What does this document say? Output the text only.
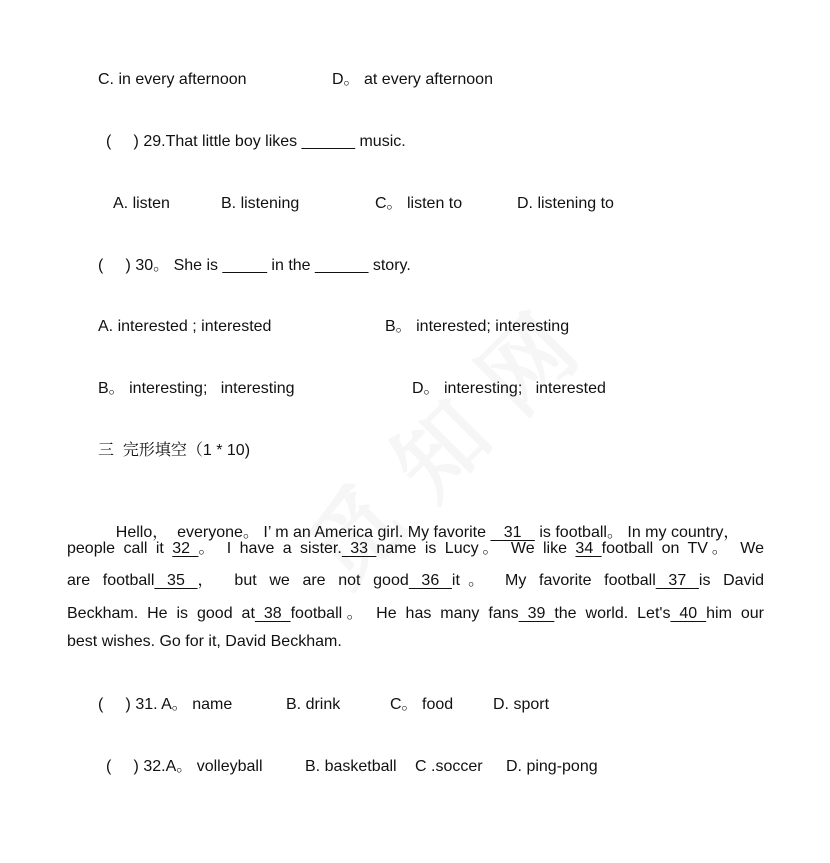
C. in every afternoon	D。 at every afternoon
(     ) 29.That little boy likes ______ music.
A. listen	B. listening	C。 listen to	D. listening to
(     ) 30。 She is _____ in the ______ story.
A. interested ; interested	B。 interested; interesting
B。 interesting;   interesting	D。 interesting;   interested
三  完形填空（1 * 10)

Hello，  everyone。 I’ m an America girl. My favorite    31    is football。 In my country，

people call it 32 。 I have a sister. 33 name is Lucy。 We like 34 football on TV。 We
are football 35 ， but we are not good 36 it。 My favorite football 37 is David
Beckham. He is good at 38 football。 He has many fans 39 the world. Let's 40 him our
best wishes. Go for it, David Beckham.
(     ) 31. A。 name	B. drink	C。 food D. sport
(     ) 32.A。 volleyball	B. basketball C .soccer D. ping-pong
